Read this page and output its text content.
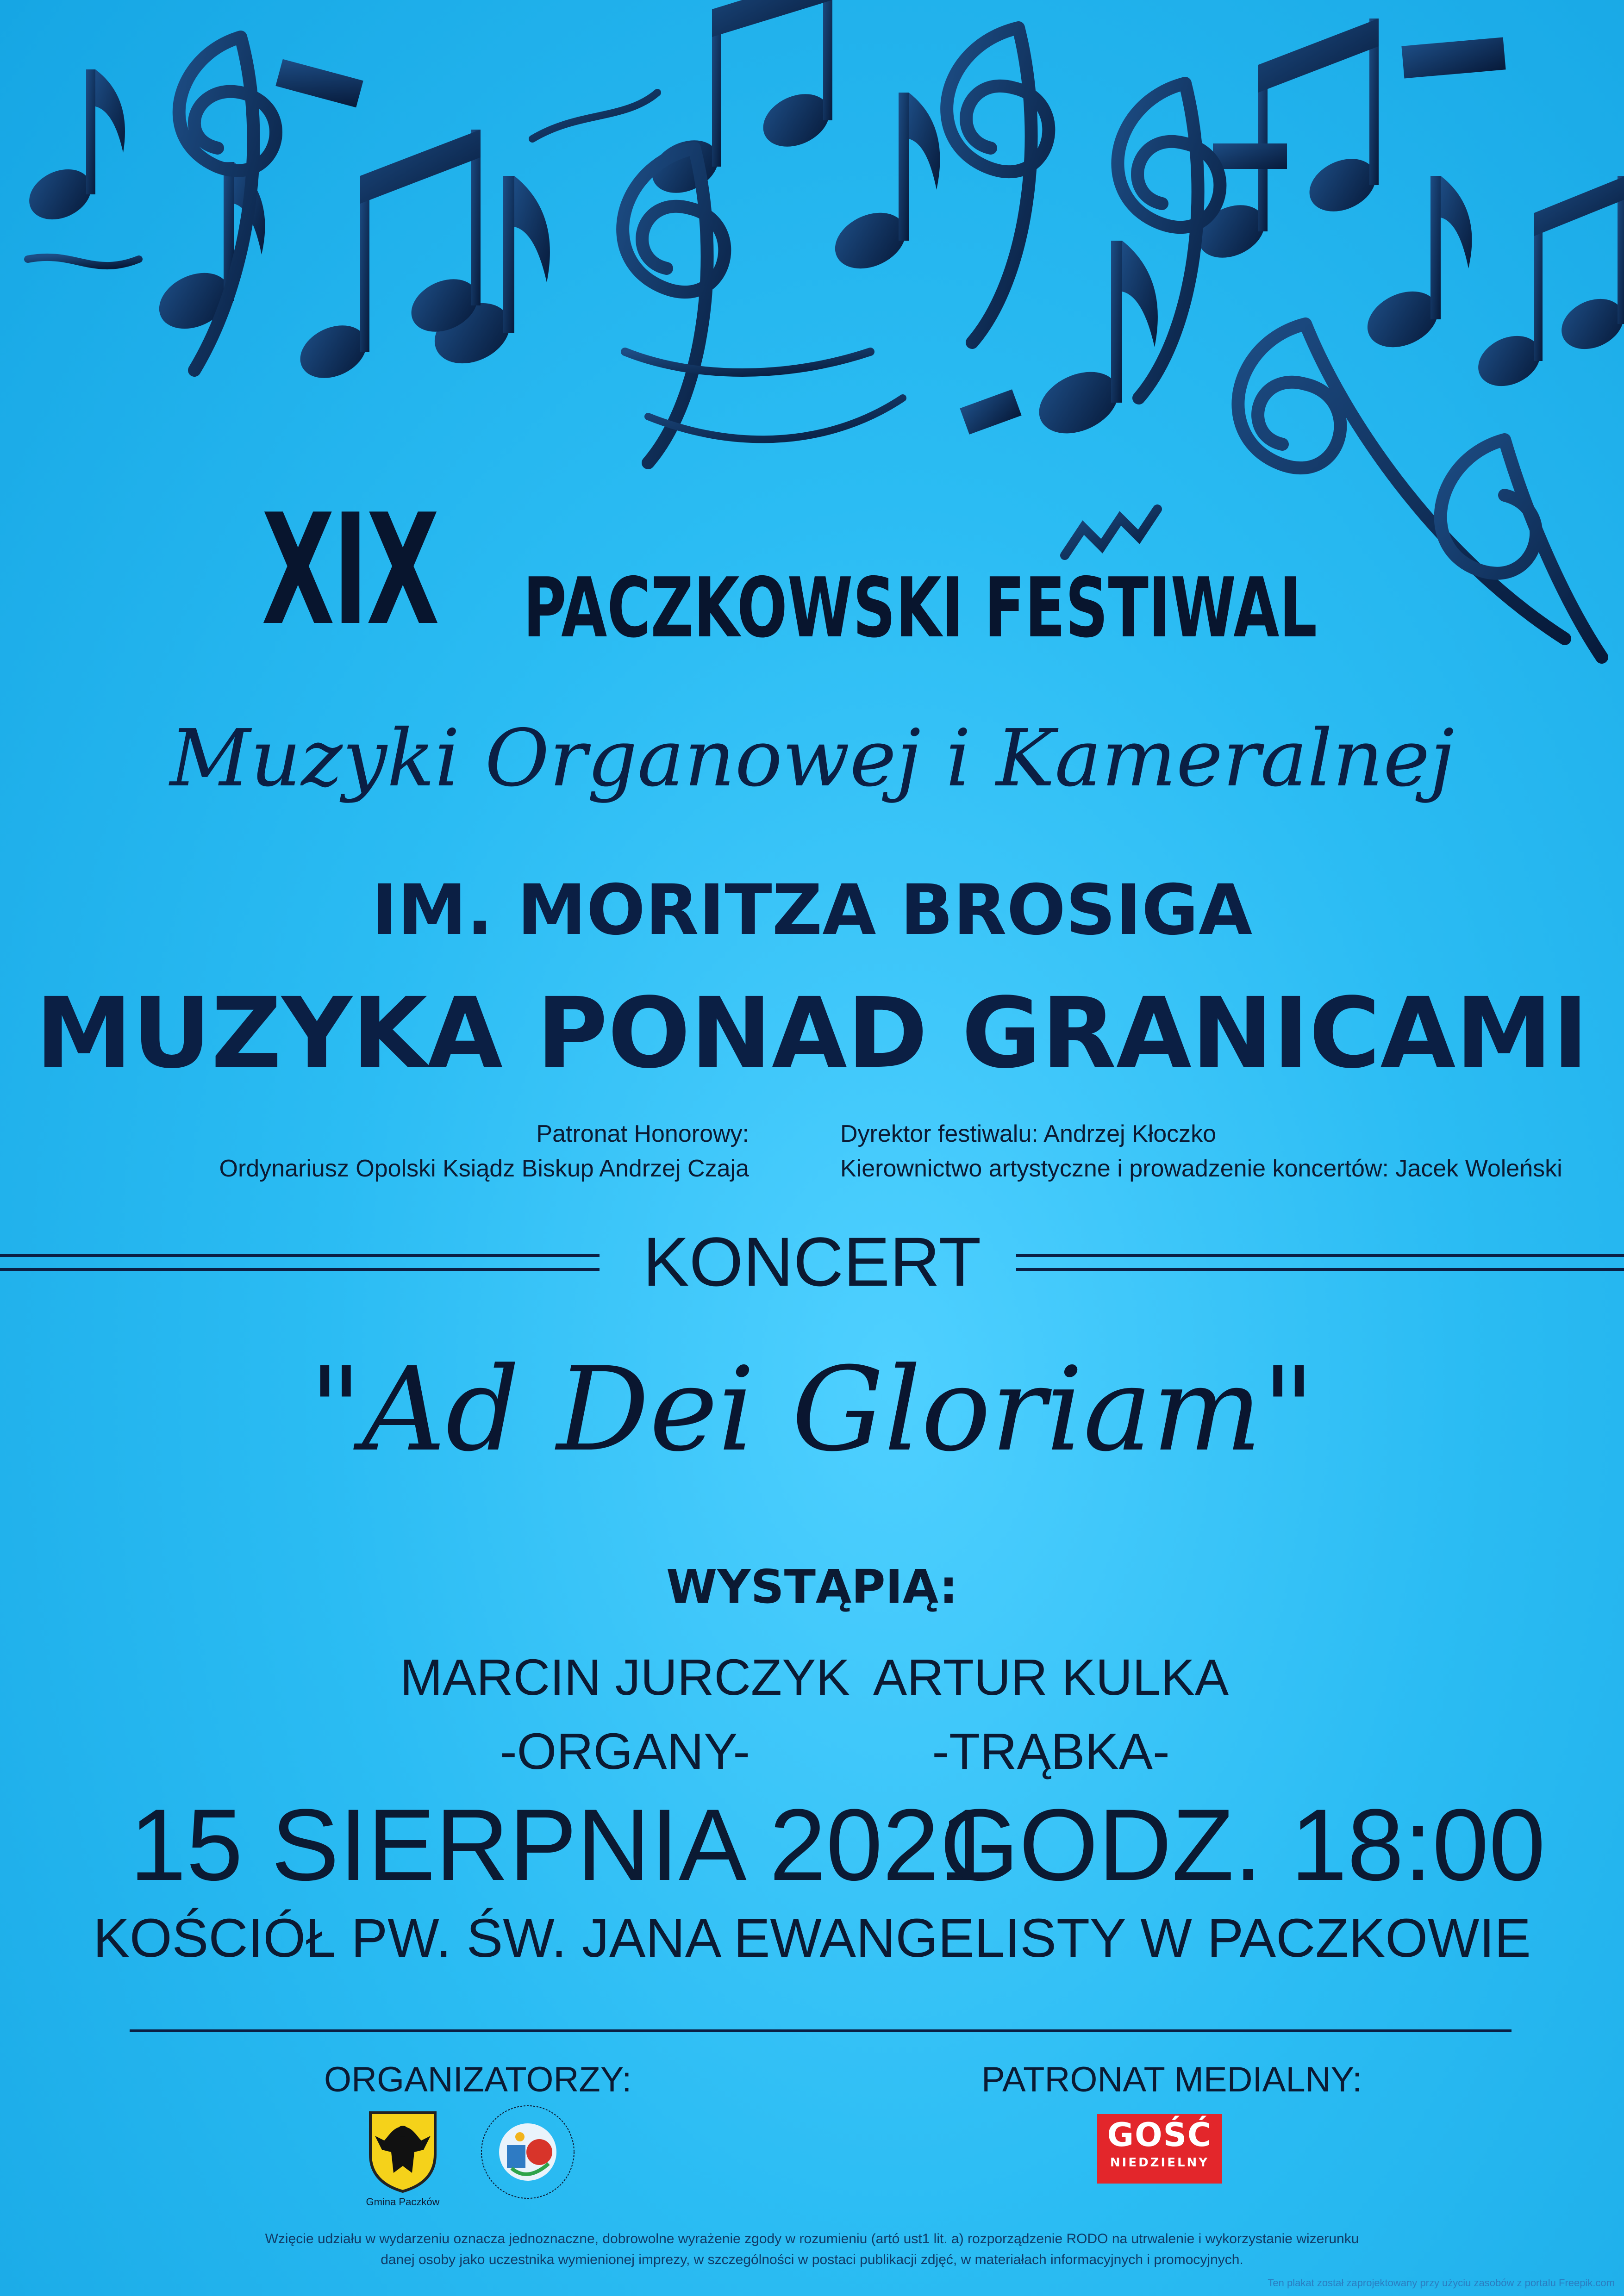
XIX PACZKOWSKI FESTIWAL
Muzyki Organowej i Kameralnej
IM. MORITZA BROSIGA
MUZYKA PONAD GRANICAMI
Patronat Honorowy:
Ordynariusz Opolski Ksiądz Biskup Andrzej Czaja
Dyrektor festiwalu: Andrzej Kłoczko
Kierownictwo artystyczne i prowadzenie koncertów: Jacek Woleński
KONCERT
"Ad Dei Gloriam"
WYSTĄPIĄ:
MARCIN JURCZYK
-ORGANY-
ARTUR KULKA
-TRĄBKA-
15 SIERPNIA 2021
GODZ. 18:00
KOŚCIÓŁ PW. ŚW. JANA EWANGELISTY W PACZKOWIE
ORGANIZATORZY:
Gmina Paczków
PATRONAT MEDIALNY:
GOŚĆ
NIEDZIELNY
Wzięcie udziału w wydarzeniu oznacza jednoznaczne, dobrowolne wyrażenie zgody w rozumieniu (artó ust1 lit. a) rozporządzenie RODO na utrwalenie i wykorzystanie wizerunku
danej osoby jako uczestnika wymienionej imprezy, w szczególności w postaci publikacji zdjęć, w materiałach informacyjnych i promocyjnych.
Ten plakat został zaprojektowany przy użyciu zasobów z portalu Freepik.com
